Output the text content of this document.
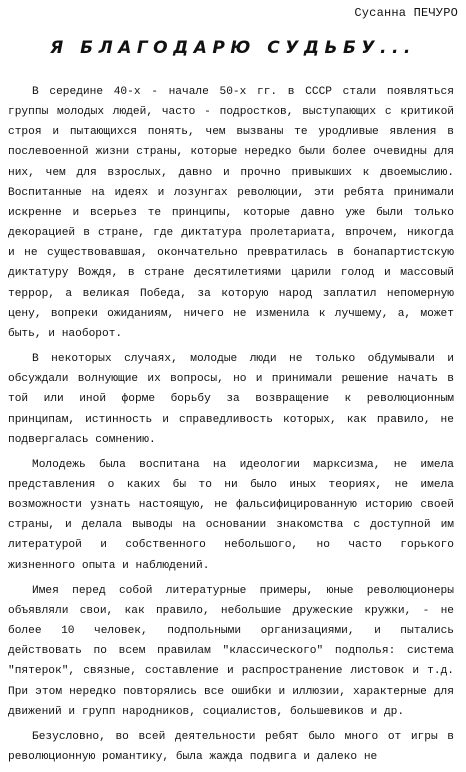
Сусанна ПЕЧУРО
Я БЛАГОДАРЮ СУДЬБУ...

В середине 40-х - начале 50-х гг. в СССР стали появляться группы молодых людей, часто - подростков, выступающих с критикой строя и пытающихся понять, чем вызваны те уродливые явления в послевоенной жизни страны, которые нередко были более очевидны для них, чем для взрослых, давно и прочно привыкших к двоемыслию. Воспитанные на идеях и лозунгах революции, эти ребята принимали искренне и всерьез те принципы, которые давно уже были только декорацией в стране, где диктатура пролетариата, впрочем, никогда и не существовавшая, окончательно превратилась в бонапартистскую диктатуру Вождя, в стране десятилетиями царили голод и массовый террор, а великая Победа, за которую народ заплатил непомерную цену, вопреки ожиданиям, ничего не изменила к лучшему, а, может быть, и наоборот.

В некоторых случаях, молодые люди не только обдумывали и обсуждали волнующие их вопросы, но и принимали решение начать в той или иной форме борьбу за возвращение к революционным принципам, истинность и справедливость которых, как правило, не подвергалась сомнению.

Молодежь была воспитана на идеологии марксизма, не имела представления о каких бы то ни было иных теориях, не имела возможности узнать настоящую, не фальсифицированную историю своей страны, и делала выводы на основании знакомства с доступной им литературой и собственного небольшого, но часто горького жизненного опыта и наблюдений.

Имея перед собой литературные примеры, юные революционеры объявляли свои, как правило, небольшие дружеские кружки, - не более 10 человек, подпольными организациями, и пытались действовать по всем правилам "классического" подполья: система "пятерок", связные, составление и распространение листовок и т.д. При этом нередко повторялись все ошибки и иллюзии, характерные для движений и групп народников, социалистов, большевиков и др.

Безусловно, во всей деятельности ребят было много от игры в революционную романтику, была жажда подвига и далеко не
